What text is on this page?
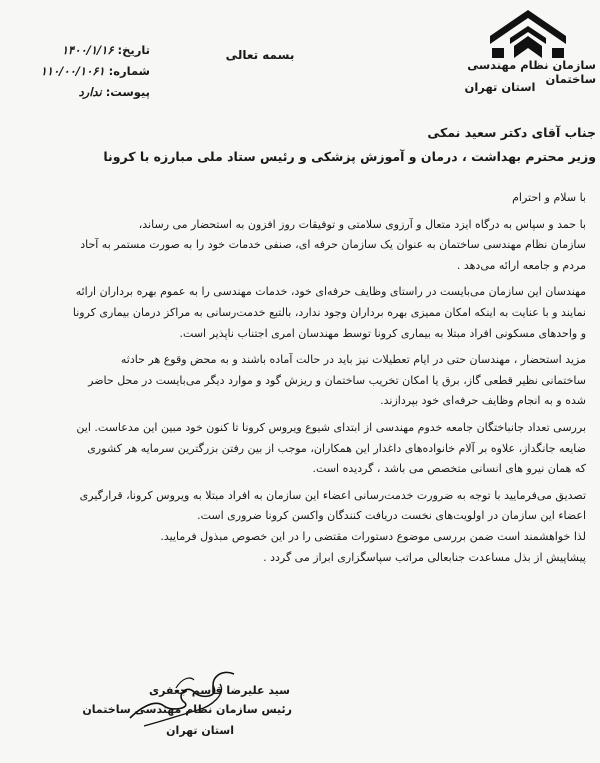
سازمان نظام مهندسی ساختمان
استان تهران
بسمه تعالی
تاریخ: ۱۴۰۰/۱/۱۶
شماره: ۱۱۰/۰۰/۱۰۶۱
پیوست: ندارد
جناب آقای دکتر سعید نمکی
وزیر محترم بهداشت ، درمان و آموزش پزشکی و رئیس ستاد ملی مبارزه با کرونا

با سلام و احترام

با حمد و سپاس به درگاه ایزد متعال و آرزوی سلامتی و توفیقات روز افزون به استحضار می رساند،

سازمان نظام مهندسی ساختمان به عنوان یک سازمان حرفه ای، صنفی خدمات خود را به صورت مستمر به آحاد

مردم و جامعه ارائه می‌دهد .

مهندسان این سازمان می‌بایست در راستای وظایف حرفه‌ای خود، خدمات مهندسی را به عموم بهره برداران ارائه

نمایند و با عنایت به اینکه امکان ممیزی بهره برداران وجود ندارد، بالتبع خدمت‌رسانی به مراکز درمان بیماری کرونا

و واحدهای مسکونی افراد مبتلا به بیماری کرونا توسط مهندسان امری اجتناب ناپذیر است.

مزید استحضار ، مهندسان حتی در ایام تعطیلات نیز باید در حالت آماده باشند و به محض وقوع هر حادثه

ساختمانی نظیر قطعی گاز، برق یا امکان تخریب ساختمان و ریزش گود و موارد دیگر می‌بایست در محل حاضر

شده و به انجام وظایف حرفه‌ای خود بپردازند.

بررسی تعداد جانباختگان جامعه خدوم مهندسی از ابتدای شیوع ویروس کرونا تا کنون خود مبین این مدعاست. این

ضایعه جانگداز، علاوه بر آلام خانواده‌های داغدار این همکاران، موجب از بین رفتن بزرگترین سرمایه هر کشوری

که همان نیرو های انسانی متخصص می باشد ، گردیده است.

تصدیق می‌فرمایید با توجه به ضرورت خدمت‌رسانی اعضاء این سازمان به افراد مبتلا به ویروس کرونا، قرارگیری

اعضاء این سازمان در اولویت‌های نخست دریافت کنندگان واکسن کرونا ضروری است.

لذا خواهشمند است ضمن بررسی موضوع دستورات مقتضی را در این خصوص مبذول فرمایید.

پیشاپیش از بذل مساعدت جنابعالی مراتب سپاسگزاری ابراز می گردد .

سید علیرضا قاسم جعفری
رئیس سازمان نظام مهندسی ساختمان
استان تهران
